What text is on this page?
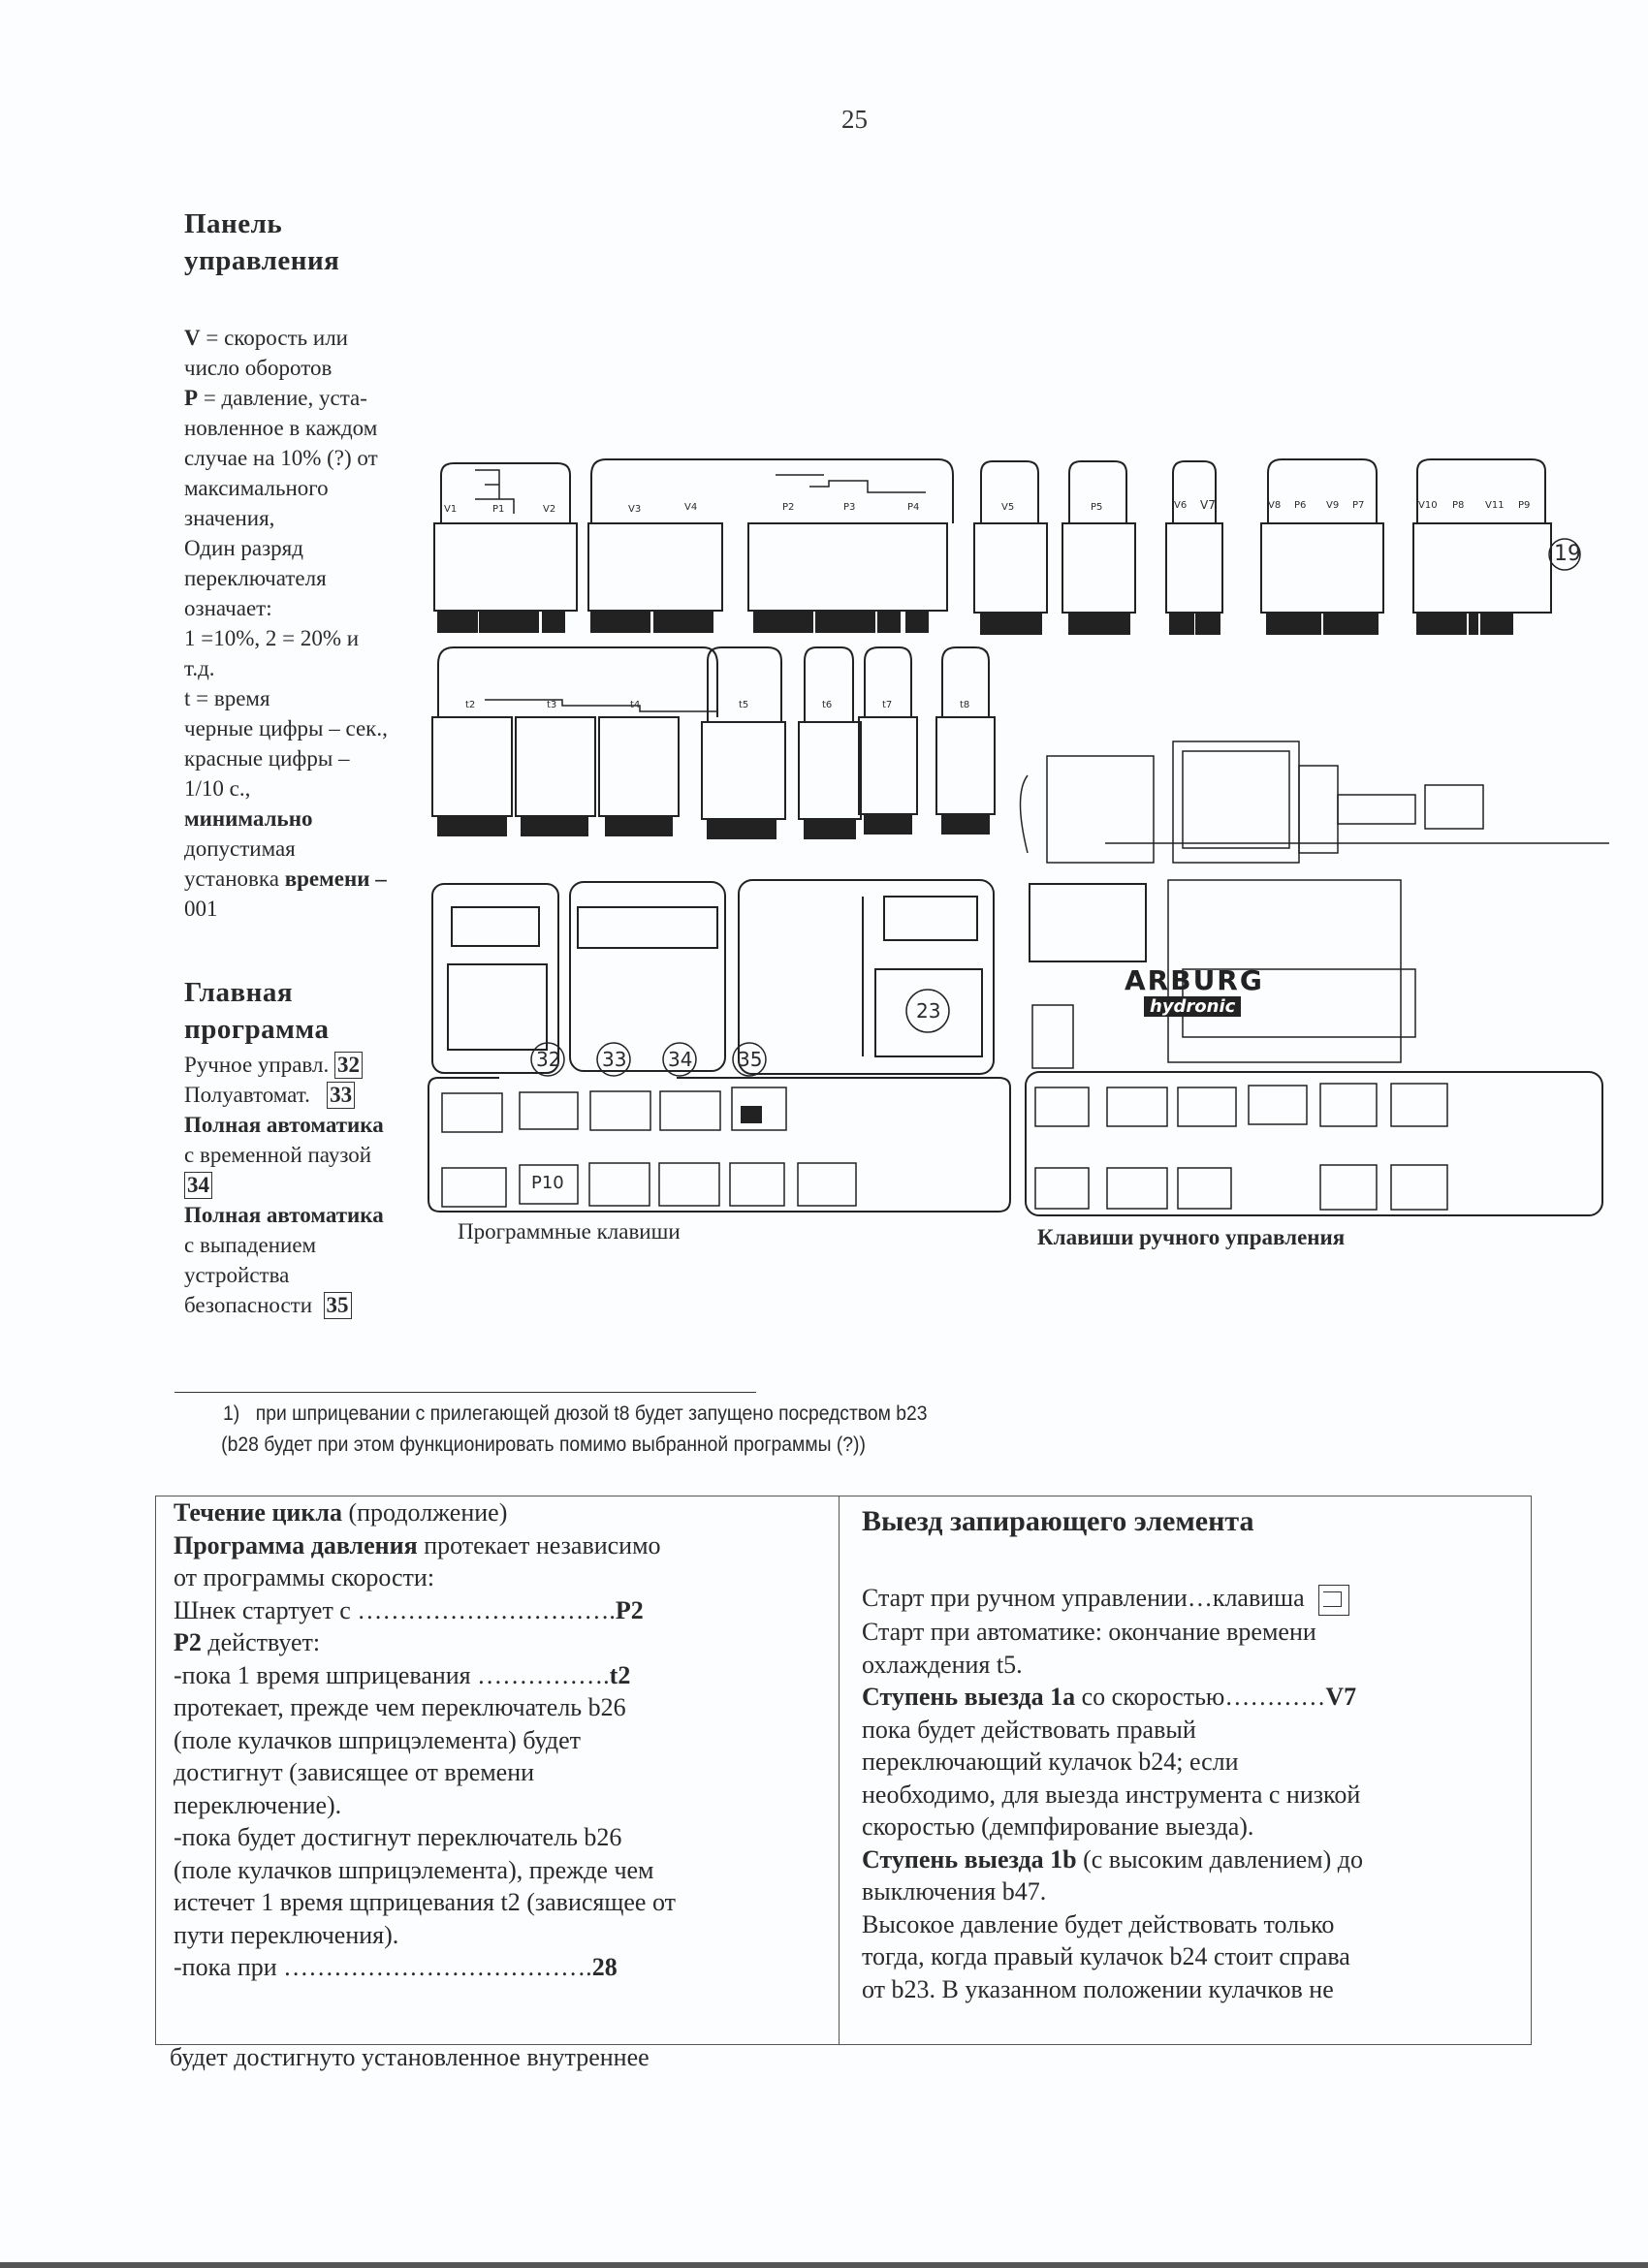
25
Панель управления

V = скорость или

число оборотов

P = давление, уста-

новленное в каждом

случае на 10% (?) от

максимального

значения,

Один разряд

переключателя

означает:

1 =10%, 2 = 20% и

т.д.

t = время

черные цифры – сек.,

красные цифры –

1/10 с.,

минимально

допустимая

установка времени –

001

Главная программа

Ручное управл. 32

Полуавтомат. 33

Полная автоматика

с временной паузой

34

Полная автоматика

с выпадением

устройства

безопасности 35

V1	P1	V2	V3	V4	P2	P3	P4	V5	P5	V6 V7	V8 P6 V9 P7	V10 P8 V11 P9
19
t2	t3	t4	t5	t6	t7	t8
23
32 33 34 35
P10
Программные клавиши	Клавиши ручного управления
ARBURG
hydronic
1) при шприцевании с прилегающей дюзой t8 будет запущено посредством b23
(b28 будет при этом функционировать помимо выбранной программы (?))
Течение цикла (продолжение)
Программа давления протекает независимо
от программы скорости:
Шнек стартует с ………………………….P2
P2 действует:
-пока 1 время шприцевания …………….t2
протекает, прежде чем переключатель b26
(поле кулачков шприцэлемента) будет
достигнут (зависящее от времени
переключение).
-пока будет достигнут переключатель b26
(поле кулачков шприцэлемента), прежде чем
истечет 1 время щприцевания t2 (зависящее от
пути переключения).
-пока при ……………………………….28
Выезд запирающего элемента
Старт при ручном управлении…клавиша
Старт при автоматике: окончание времени
охлаждения t5.
Ступень выезда 1а со скоростью…………V7
пока будет действовать правый
переключающий кулачок b24; если
необходимо, для выезда инструмента с низкой
скоростью (демпфирование выезда).
Ступень выезда 1b (с высоким давлением) до
выключения b47.
Высокое давление будет действовать только
тогда, когда правый кулачок b24 стоит справа
от b23. В указанном положении кулачков не
будет достигнуто установленное внутреннее
